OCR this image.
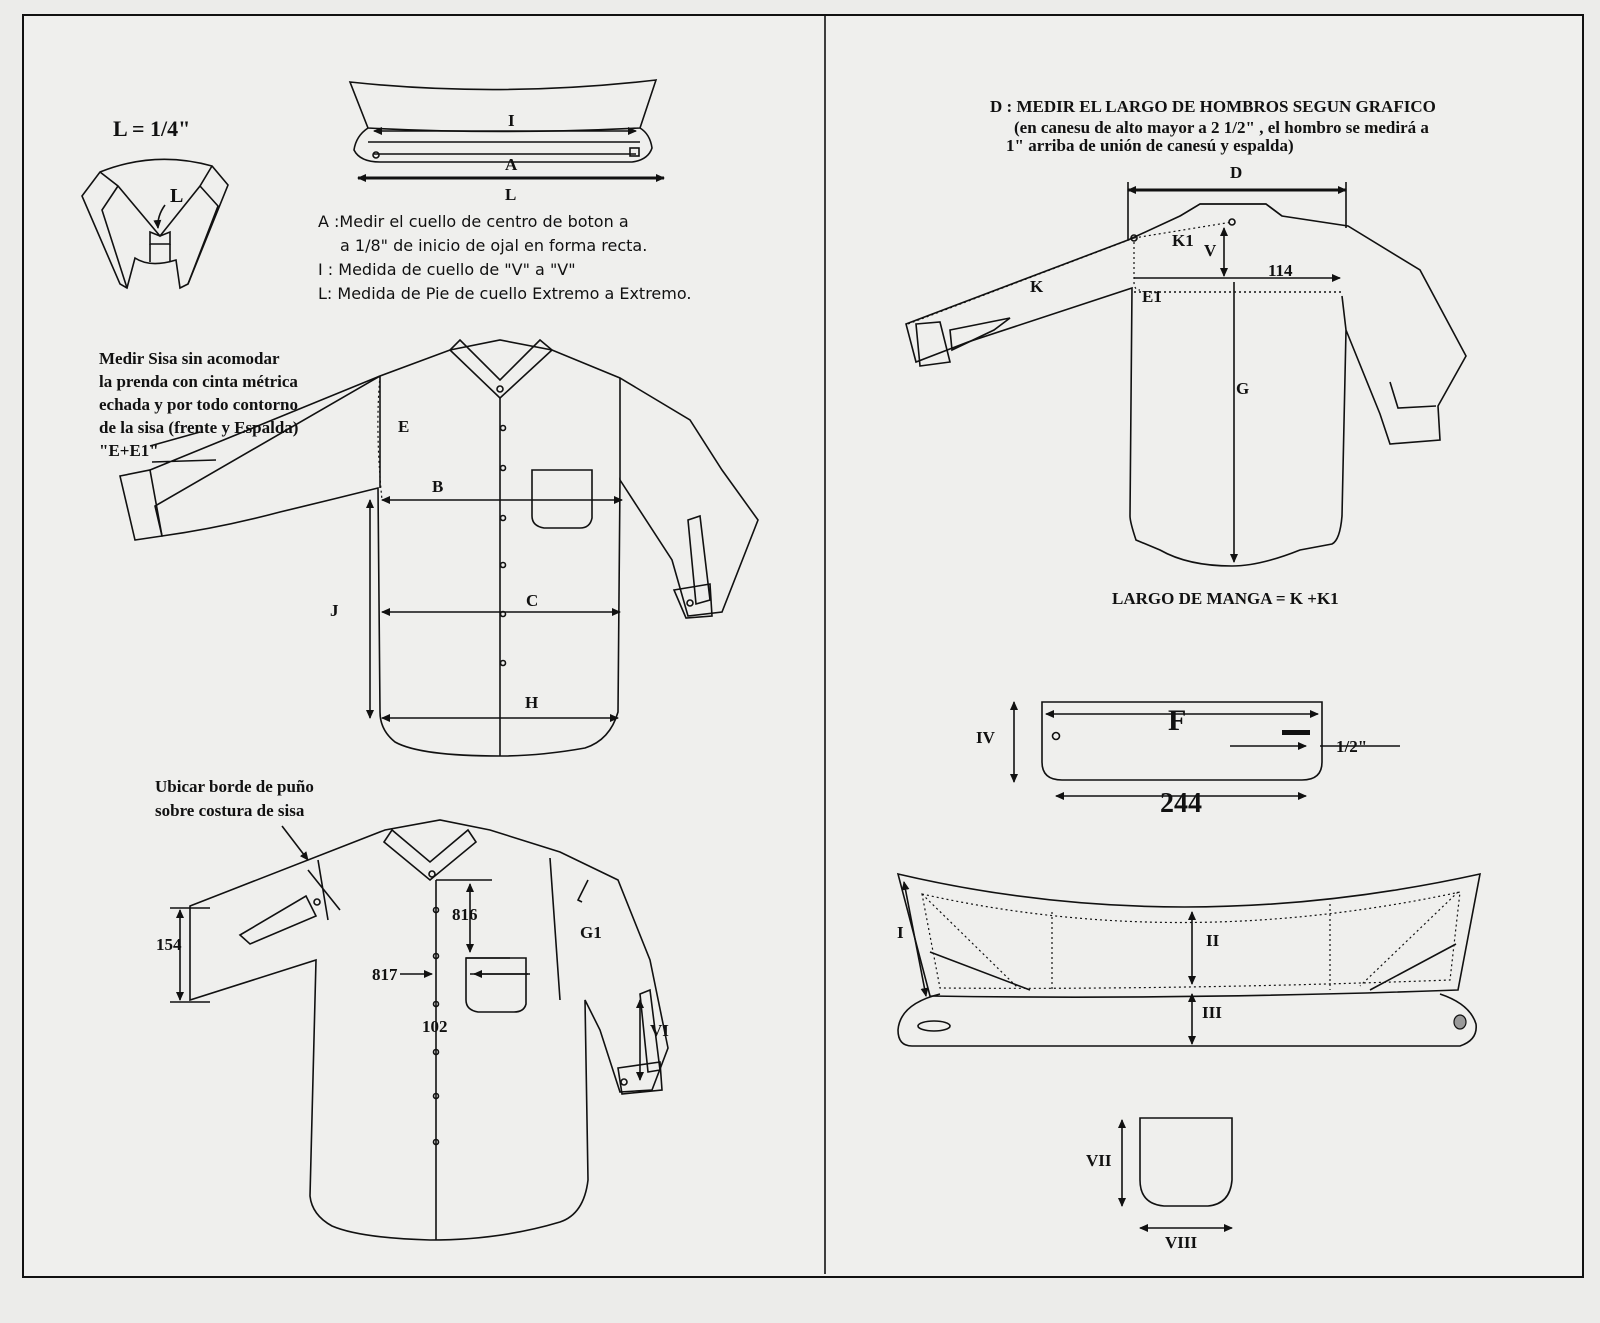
L = 1/4"
L
I
A
L
A :Medir el cuello de centro de boton a
a 1/8" de inicio de ojal en forma recta.
I : Medida de cuello de "V" a "V"
L: Medida de Pie de cuello Extremo a Extremo.
Medir Sisa sin acomodar
la prenda con cinta métrica
echada y por todo contorno
de la sisa (frente y Espalda)
"E+E1"
E
B
C
J
H
Ubicar borde de puño
sobre costura de sisa
154
816
817
102
G1
VI
D : MEDIR EL LARGO DE HOMBROS SEGUN GRAFICO
(en canesu de alto mayor a 2 1/2" , el hombro se medirá a
1" arriba de unión de canesú y espalda)
D
K1
V
114
K
E1
G
LARGO DE MANGA = K +K1
IV
F
1/2"
244
I	II
III
VII
VIII
